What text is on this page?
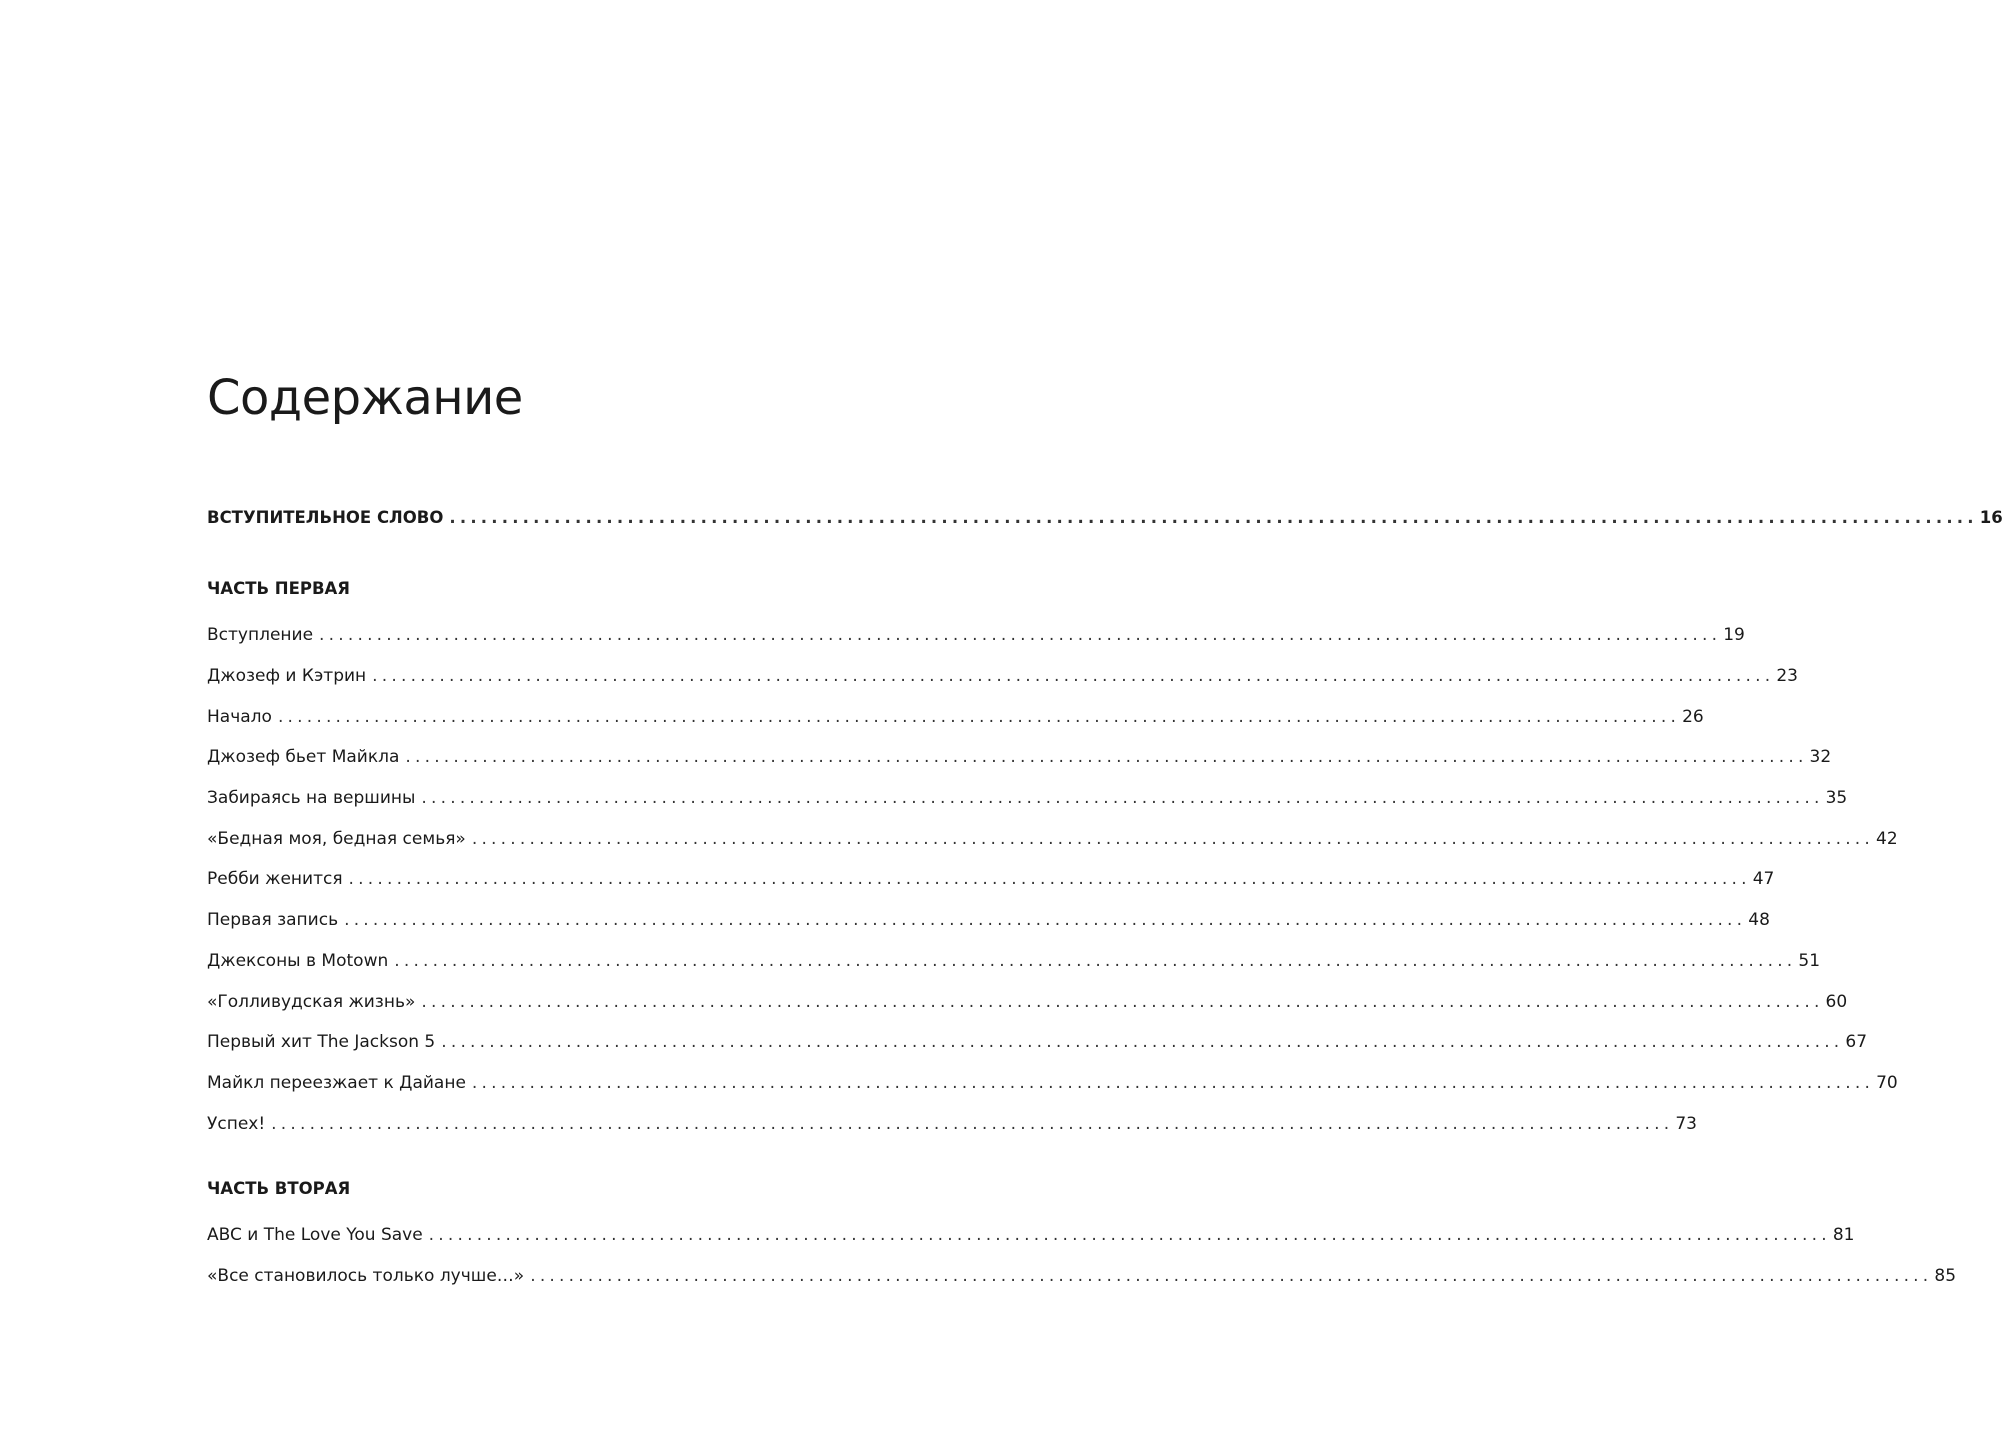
Содержание
ВСТУПИТЕЛЬНОЕ СЛОВО .................................................................................................................................................. 16
ЧАСТЬ ПЕРВАЯ
Вступление .................................................................................................................................................. 19
Джозеф и Кэтрин .................................................................................................................................................. 23
Начало .................................................................................................................................................. 26
Джозеф бьет Майкла .................................................................................................................................................. 32
Забираясь на вершины .................................................................................................................................................. 35
«Бедная моя, бедная семья» .................................................................................................................................................. 42
Ребби женится .................................................................................................................................................. 47
Первая запись .................................................................................................................................................. 48
Джексоны в Motown .................................................................................................................................................. 51
«Голливудская жизнь» .................................................................................................................................................. 60
Первый хит The Jackson 5 .................................................................................................................................................. 67
Майкл переезжает к Дайане .................................................................................................................................................. 70
Успех! .................................................................................................................................................. 73
ЧАСТЬ ВТОРАЯ
ABC и The Love You Save .................................................................................................................................................. 81
«Все становилось только лучше…» .................................................................................................................................................. 85
